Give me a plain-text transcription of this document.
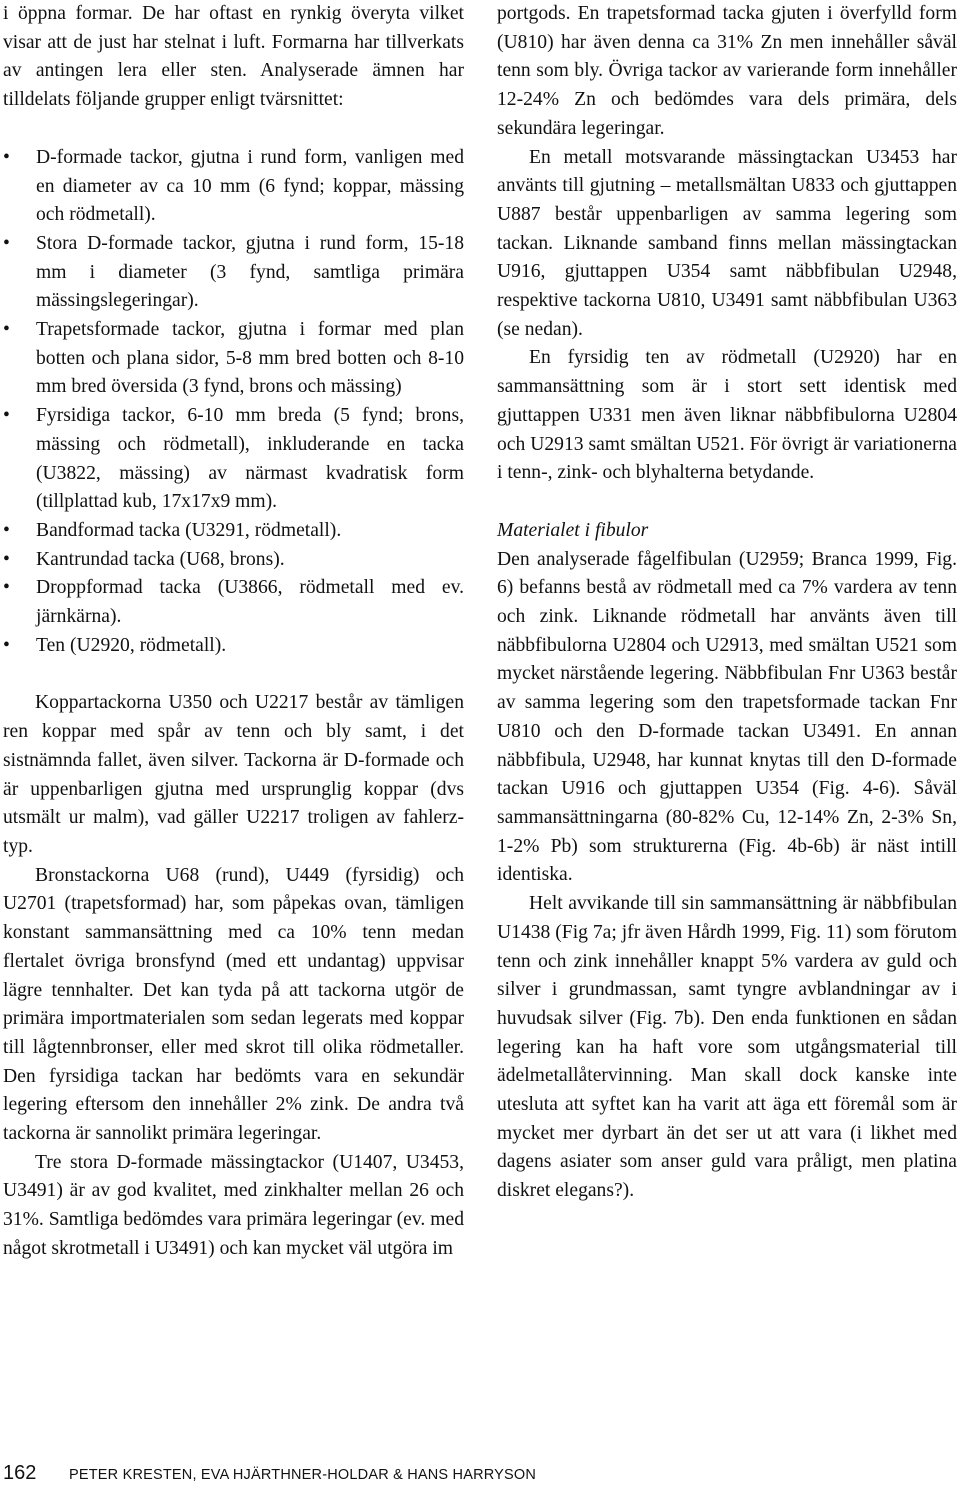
i öppna formar. De har oftast en rynkig överyta vilket visar att de just har stelnat i luft. Formarna har tillverkats av antingen lera eller sten. Analyserade ämnen har tilldelats följande grupper enligt tvärsnittet:

• D-formade tackor, gjutna i rund form, vanligen med en diameter av ca 10 mm (6 fynd; koppar, mässing och rödmetall).
• Stora D-formade tackor, gjutna i rund form, 15-18 mm i diameter (3 fynd, samtliga primära mässingslegeringar).
• Trapetsformade tackor, gjutna i formar med plan botten och plana sidor, 5-8 mm bred botten och 8-10 mm bred översida (3 fynd, brons och mässing)
• Fyrsidiga tackor, 6-10 mm breda (5 fynd; brons, mässing och rödmetall), inkluderande en tacka (U3822, mässing) av närmast kvadratisk form (tillplattad kub, 17x17x9 mm).
• Bandformad tacka (U3291, rödmetall).
• Kantrundad tacka (U68, brons).
• Droppformad tacka (U3866, rödmetall med ev. järnkärna).
• Ten (U2920, rödmetall).

Koppartackorna U350 och U2217 består av tämligen ren koppar med spår av tenn och bly samt, i det sistnämnda fallet, även silver. Tackorna är D-formade och är uppenbarligen gjutna med ursprunglig koppar (dvs utsmält ur malm), vad gäller U2217 troligen av fahlerz-typ.

Bronstackorna U68 (rund), U449 (fyrsidig) och U2701 (trapetsformad) har, som påpekas ovan, tämligen konstant sammansättning med ca 10% tenn medan flertalet övriga bronsfynd (med ett undantag) uppvisar lägre tennhalter. Det kan tyda på att tackorna utgör de primära importmaterialen som sedan legerats med koppar till lågtennbronser, eller med skrot till olika rödmetaller. Den fyrsidiga tackan har bedömts vara en sekundär legering eftersom den innehåller 2% zink. De andra två tackorna är sannolikt primära legeringar.

Tre stora D-formade mässingtackor (U1407, U3453, U3491) är av god kvalitet, med zinkhalter mellan 26 och 31%. Samtliga bedömdes vara primära legeringar (ev. med något skrotmetall i U3491) och kan mycket väl utgöra im

portgods. En trapetsformad tacka gjuten i överfylld form (U810) har även denna ca 31% Zn men innehåller såväl tenn som bly. Övriga tackor av varierande form innehåller 12-24% Zn och bedömdes vara dels primära, dels sekundära legeringar.

En metall motsvarande mässingtackan U3453 har använts till gjutning – metallsmältan U833 och gjuttappen U887 består uppenbarligen av samma legering som tackan. Liknande samband finns mellan mässingtackan U916, gjuttappen U354 samt näbbfibulan U2948, respektive tackorna U810, U3491 samt näbbfibulan U363 (se nedan).

En fyrsidig ten av rödmetall (U2920) har en sammansättning som är i stort sett identisk med gjuttappen U331 men även liknar näbbfibulorna U2804 och U2913 samt smältan U521. För övrigt är variationerna i tenn-, zink- och blyhalterna betydande.

Materialet i fibulor

Den analyserade fågelfibulan (U2959; Branca 1999, Fig. 6) befanns bestå av rödmetall med ca 7% vardera av tenn och zink. Liknande rödmetall har använts även till näbbfibulorna U2804 och U2913, med smältan U521 som mycket närstående legering. Näbbfibulan Fnr U363 består av samma legering som den trapetsformade tackan Fnr U810 och den D-formade tackan U3491. En annan näbbfibula, U2948, har kunnat knytas till den D-formade tackan U916 och gjuttappen U354 (Fig. 4-6). Såväl sammansättningarna (80-82% Cu, 12-14% Zn, 2-3% Sn, 1-2% Pb) som strukturerna (Fig. 4b-6b) är näst intill identiska.

Helt avvikande till sin sammansättning är näbbfibulan U1438 (Fig 7a; jfr även Hårdh 1999, Fig. 11) som förutom tenn och zink innehåller knappt 5% vardera av guld och silver i grundmassan, samt tyngre avblandningar av i huvudsak silver (Fig. 7b). Den enda funktionen en sådan legering kan ha haft vore som utgångsmaterial till ädelmetallåtervinning. Man skall dock kanske inte utesluta att syftet kan ha varit att äga ett föremål som är mycket mer dyrbart än det ser ut att vara (i likhet med dagens asiater som anser guld vara pråligt, men platina diskret elegans?).

162	PETER KRESTEN, EVA HJÄRTHNER-HOLDAR & HANS HARRYSON
